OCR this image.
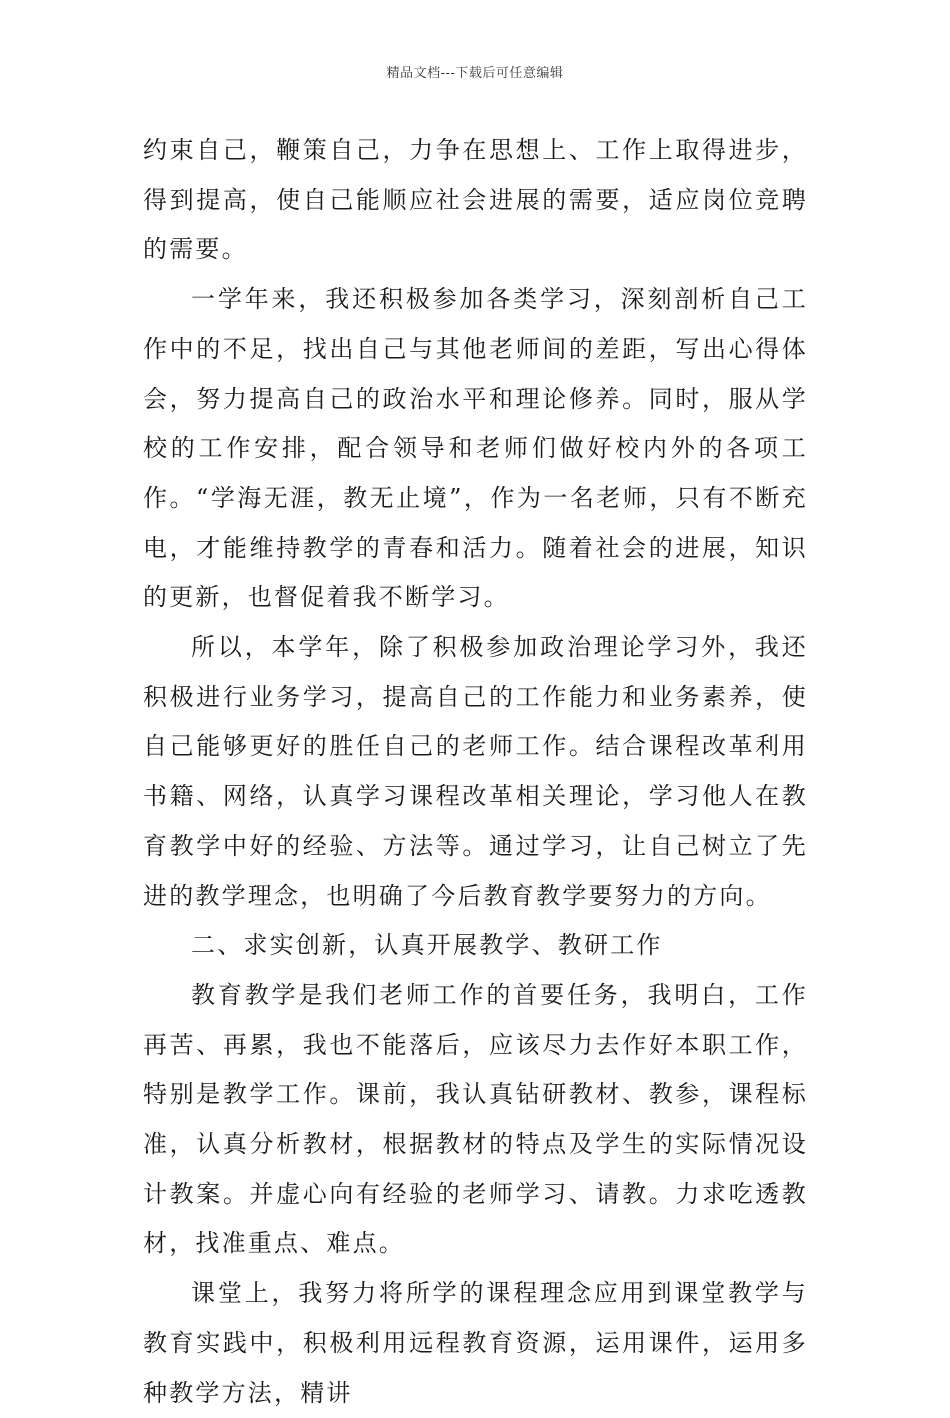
精品文档---下载后可任意编辑

约束自己，鞭策自己，力争在思想上、工作上取得进步，得到提高，使自己能顺应社会进展的需要，适应岗位竞聘的需要。

一学年来，我还积极参加各类学习，深刻剖析自己工作中的不足，找出自己与其他老师间的差距，写出心得体会，努力提高自己的政治水平和理论修养。同时，服从学校的工作安排，配合领导和老师们做好校内外的各项工作。“学海无涯，教无止境”，作为一名老师，只有不断充电，才能维持教学的青春和活力。随着社会的进展，知识的更新，也督促着我不断学习。

所以，本学年，除了积极参加政治理论学习外，我还积极进行业务学习，提高自己的工作能力和业务素养，使自己能够更好的胜任自己的老师工作。结合课程改革利用书籍、网络，认真学习课程改革相关理论，学习他人在教育教学中好的经验、方法等。通过学习，让自己树立了先进的教学理念，也明确了今后教育教学要努力的方向。

二、求实创新，认真开展教学、教研工作

教育教学是我们老师工作的首要任务，我明白，工作再苦、再累，我也不能落后，应该尽力去作好本职工作，特别是教学工作。课前，我认真钻研教材、教参，课程标准，认真分析教材，根据教材的特点及学生的实际情况设计教案。并虚心向有经验的老师学习、请教。力求吃透教材，找准重点、难点。

课堂上，我努力将所学的课程理念应用到课堂教学与教育实践中，积极利用远程教育资源，运用课件，运用多种教学方法，精讲
